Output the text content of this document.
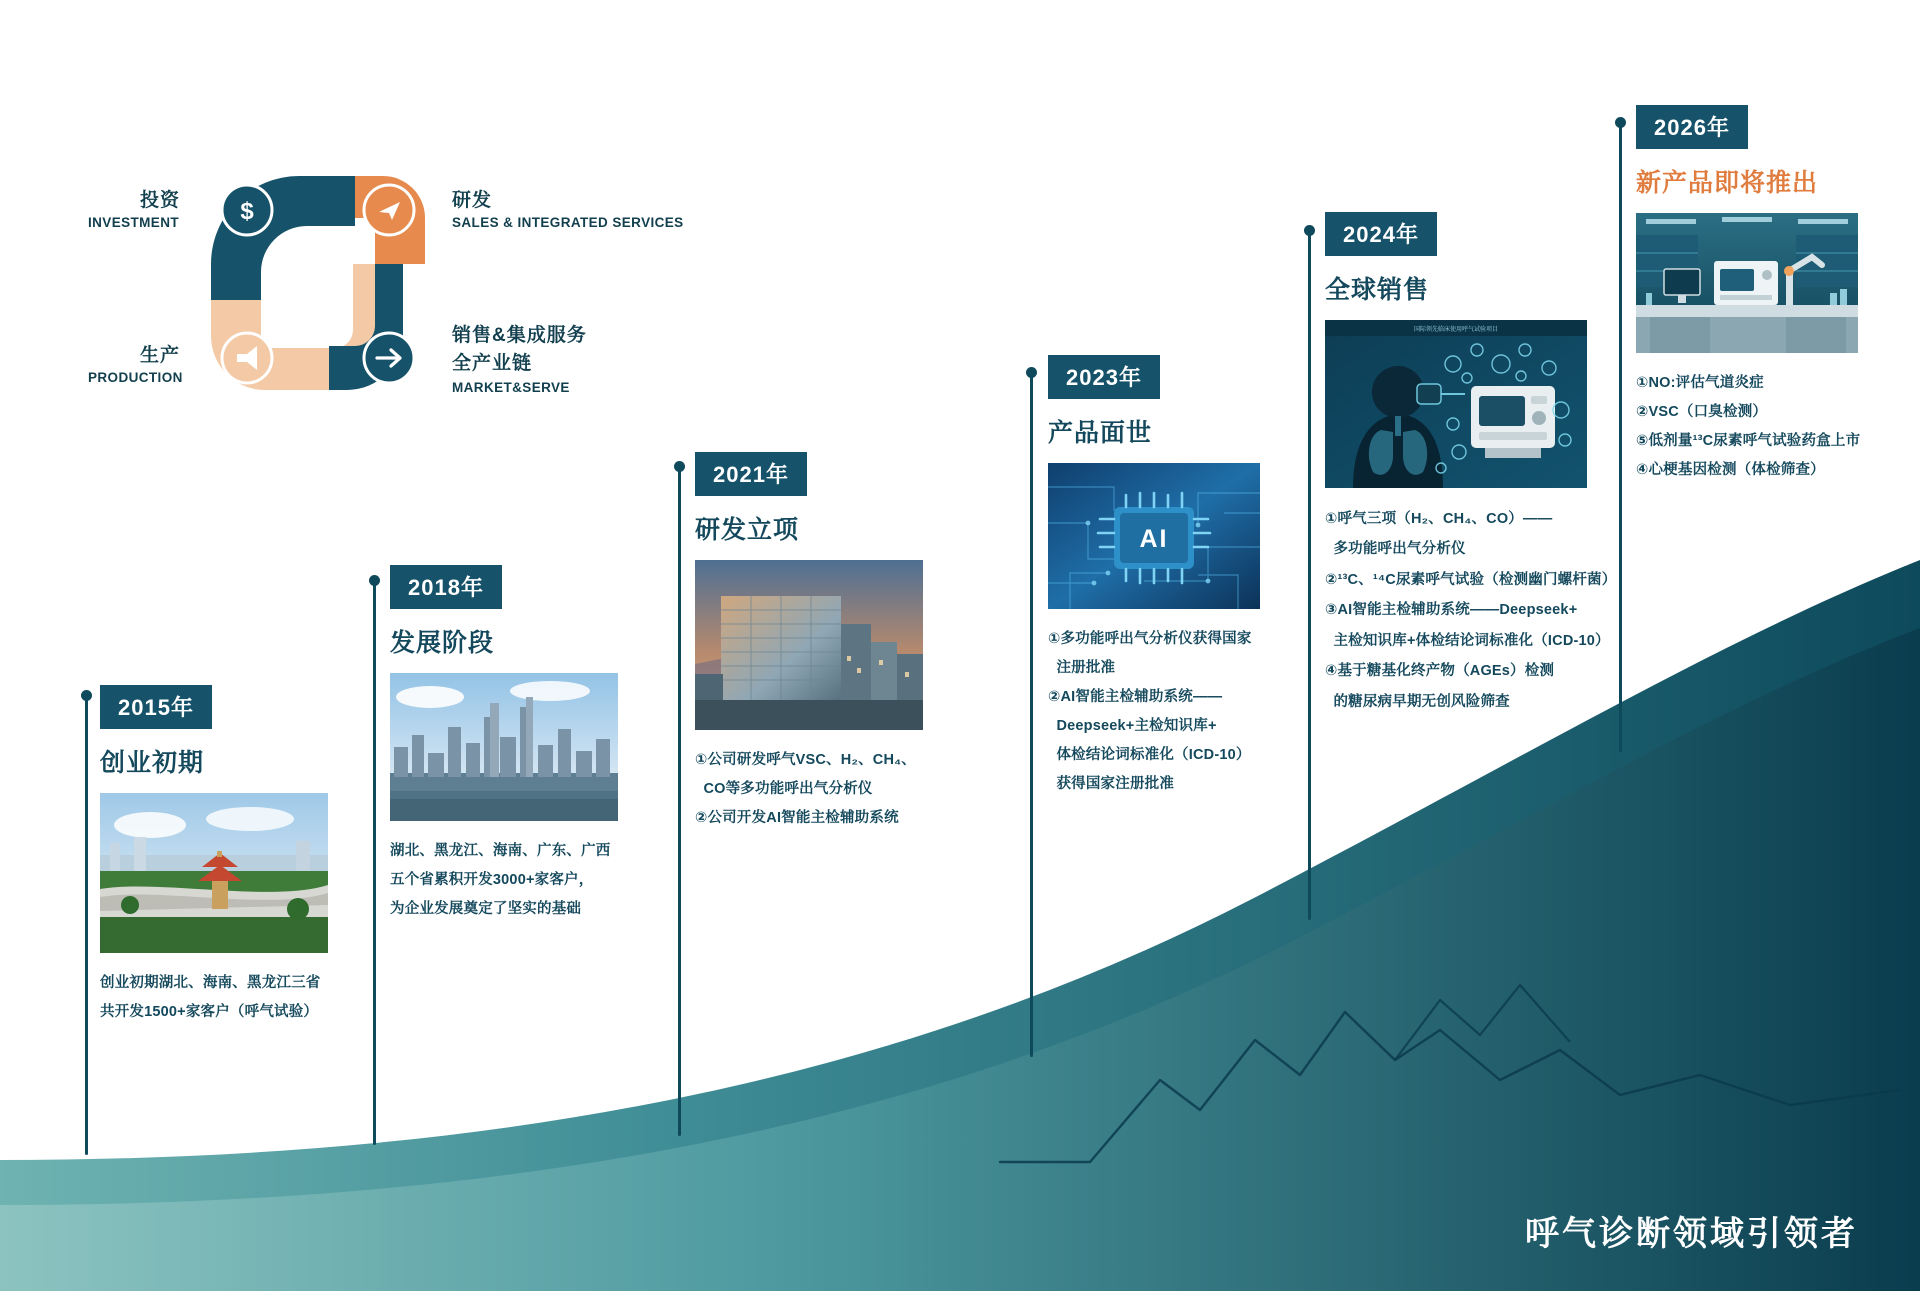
$
投资
INVESTMENT
生产
PRODUCTION
研发
SALES & INTEGRATED SERVICES
销售&集成服务
全产业链
MARKET&SERVE
2015年
创业初期
创业初期湖北、海南、黑龙江三省
共开发1500+家客户（呼气试验）
2018年
发展阶段
湖北、黑龙江、海南、广东、广西
五个省累积开发3000+家客户，
为企业发展奠定了坚实的基础
2021年
研发立项
①公司研发呼气VSC、H₂、CH₄、
CO等多功能呼出气分析仪
②公司开发AI智能主检辅助系统
2023年
产品面世
AI
①多功能呼出气分析仪获得国家
注册批准
②AI智能主检辅助系统——
Deepseek+主检知识库+
体检结论词标准化（ICD-10）
获得国家注册批准
2024年
全球销售
国际领先临床使用呼气试验项目
①呼气三项（H₂、CH₄、CO）——
多功能呼出气分析仪
②¹³C、¹⁴C尿素呼气试验（检测幽门螺杆菌）
③AI智能主检辅助系统——Deepseek+
主检知识库+体检结论词标准化（ICD-10）
④基于糖基化终产物（AGEs）检测
的糖尿病早期无创风险筛查
2026年
新产品即将推出
①NO:评估气道炎症
②VSC（口臭检测）
⑤低剂量¹³C尿素呼气试验药盒上市
④心梗基因检测（体检筛查）
呼气诊断领域引领者
